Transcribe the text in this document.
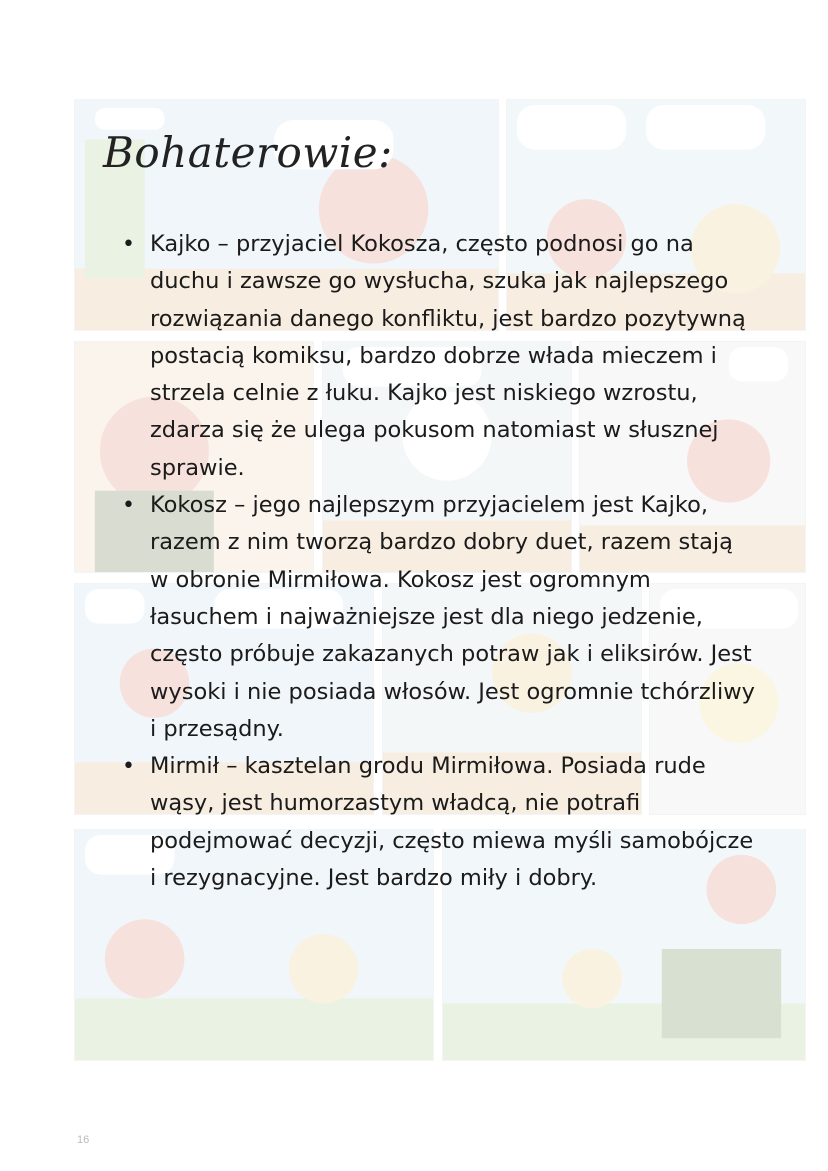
Bohaterowie:
• Kajko – przyjaciel Kokosza, często podnosi go na duchu i zawsze go wysłucha, szuka jak najlepszego rozwiązania danego konfliktu, jest bardzo pozytywną postacią komiksu, bardzo dobrze włada mieczem i strzela celnie z łuku. Kajko jest niskiego wzrostu, zdarza się że ulega pokusom natomiast w słusznej sprawie.
• Kokosz – jego najlepszym przyjacielem jest Kajko, razem z nim tworzą bardzo dobry duet, razem stają w obronie Mirmiłowa. Kokosz jest ogromnym łasuchem i najważniejsze jest dla niego jedzenie, często próbuje zakazanych potraw jak i eliksirów. Jest wysoki i nie posiada włosów. Jest ogromnie tchórzliwy i przesądny.
• Mirmił – kasztelan grodu Mirmiłowa. Posiada rude wąsy, jest humorzastym władcą, nie potrafi podejmować decyzji, często miewa myśli samobójcze i rezygnacyjne. Jest bardzo miły i dobry.
16
